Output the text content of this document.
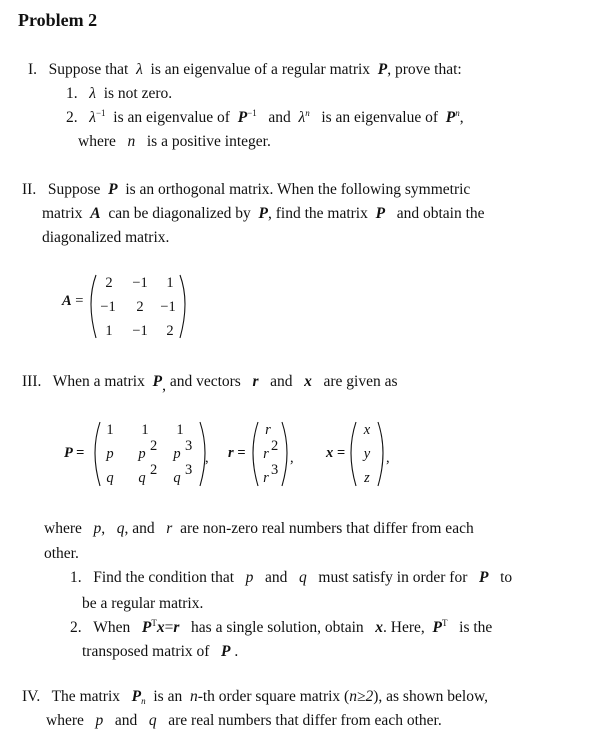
Problem 2
I. Suppose that λ is an eigenvalue of a regular matrix P, prove that:
1. λ is not zero.
2. $\lambda^{-1}$ is an eigenvalue of $P^{-1}$ and $\lambda^n$ is an eigenvalue of $P^n$,
where n is a positive integer.
II. Suppose P is an orthogonal matrix. When the following symmetric
matrix A can be diagonalized by P, find the matrix P and obtain the
diagonalized matrix.
III. When a matrix P, and vectors r and x are given as
where p, q, and r are non-zero real numbers that differ from each
other.
1. Find the condition that p and q must satisfy in order for P to
be a regular matrix.
2. When $P^Tx=r$ has a single solution, obtain x. Here, $P^T$ is the
transposed matrix of P .
IV. The matrix $P_n$ is an n-th order square matrix (n≥2), as shown below,
where p and q are real numbers that differ from each other.
A =
2 −1 1
−1 2 −1
1 −1 2
P =
1 1 1
p p 2 p 3
q q 2 q 3
, r =
r
r 2
r 3
, x =
x
y
z
,
